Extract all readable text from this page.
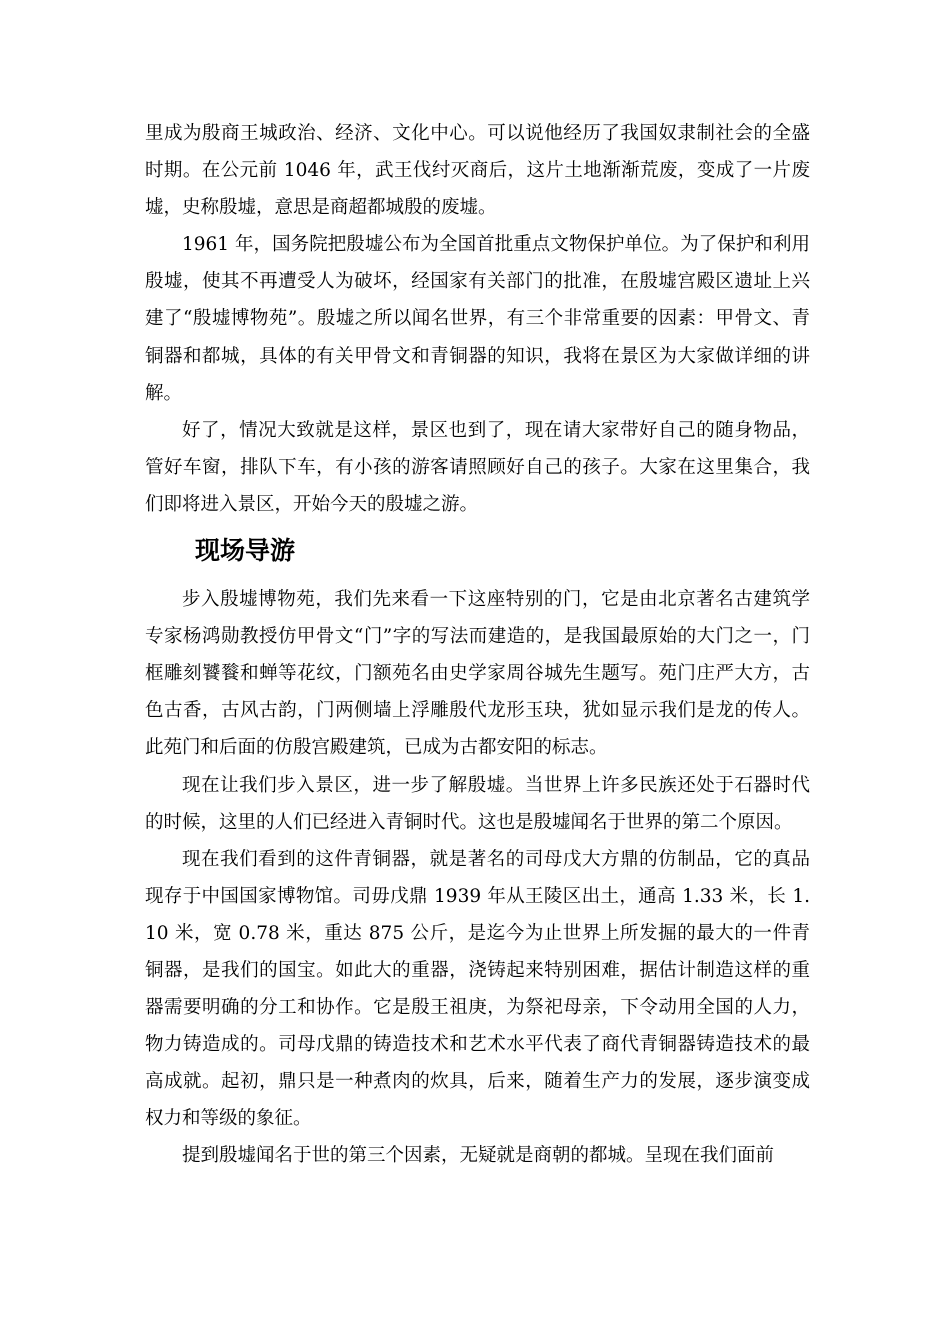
里成为殷商王城政治、经济、文化中心。可以说他经历了我国奴隶制社会的全盛时期。在公元前 1046 年，武王伐纣灭商后，这片土地渐渐荒废，变成了一片废墟，史称殷墟，意思是商超都城殷的废墟。

1961 年，国务院把殷墟公布为全国首批重点文物保护单位。为了保护和利用殷墟，使其不再遭受人为破坏，经国家有关部门的批准，在殷墟宫殿区遗址上兴建了“殷墟博物苑”。殷墟之所以闻名世界，有三个非常重要的因素：甲骨文、青铜器和都城，具体的有关甲骨文和青铜器的知识，我将在景区为大家做详细的讲解。

好了，情况大致就是这样，景区也到了，现在请大家带好自己的随身物品，管好车窗，排队下车，有小孩的游客请照顾好自己的孩子。大家在这里集合，我们即将进入景区，开始今天的殷墟之游。

现场导游

步入殷墟博物苑，我们先来看一下这座特别的门，它是由北京著名古建筑学专家杨鸿勋教授仿甲骨文“门”字的写法而建造的，是我国最原始的大门之一，门框雕刻饕餮和蝉等花纹，门额苑名由史学家周谷城先生题写。苑门庄严大方，古色古香，古风古韵，门两侧墙上浮雕殷代龙形玉玦，犹如显示我们是龙的传人。此苑门和后面的仿殷宫殿建筑，已成为古都安阳的标志。

现在让我们步入景区，进一步了解殷墟。当世界上许多民族还处于石器时代的时候，这里的人们已经进入青铜时代。这也是殷墟闻名于世界的第二个原因。

现在我们看到的这件青铜器，就是著名的司母戊大方鼎的仿制品，它的真品现存于中国国家博物馆。司毋戊鼎 1939 年从王陵区出土，通高 1.33 米，长 1.10 米，宽 0.78 米，重达 875 公斤，是迄今为止世界上所发掘的最大的一件青铜器，是我们的国宝。如此大的重器，浇铸起来特别困难，据估计制造这样的重器需要明确的分工和协作。它是殷王祖庚，为祭祀母亲，下令动用全国的人力，物力铸造成的。司母戊鼎的铸造技术和艺术水平代表了商代青铜器铸造技术的最高成就。起初，鼎只是一种煮肉的炊具，后来，随着生产力的发展，逐步演变成权力和等级的象征。

提到殷墟闻名于世的第三个因素，无疑就是商朝的都城。呈现在我们面前
